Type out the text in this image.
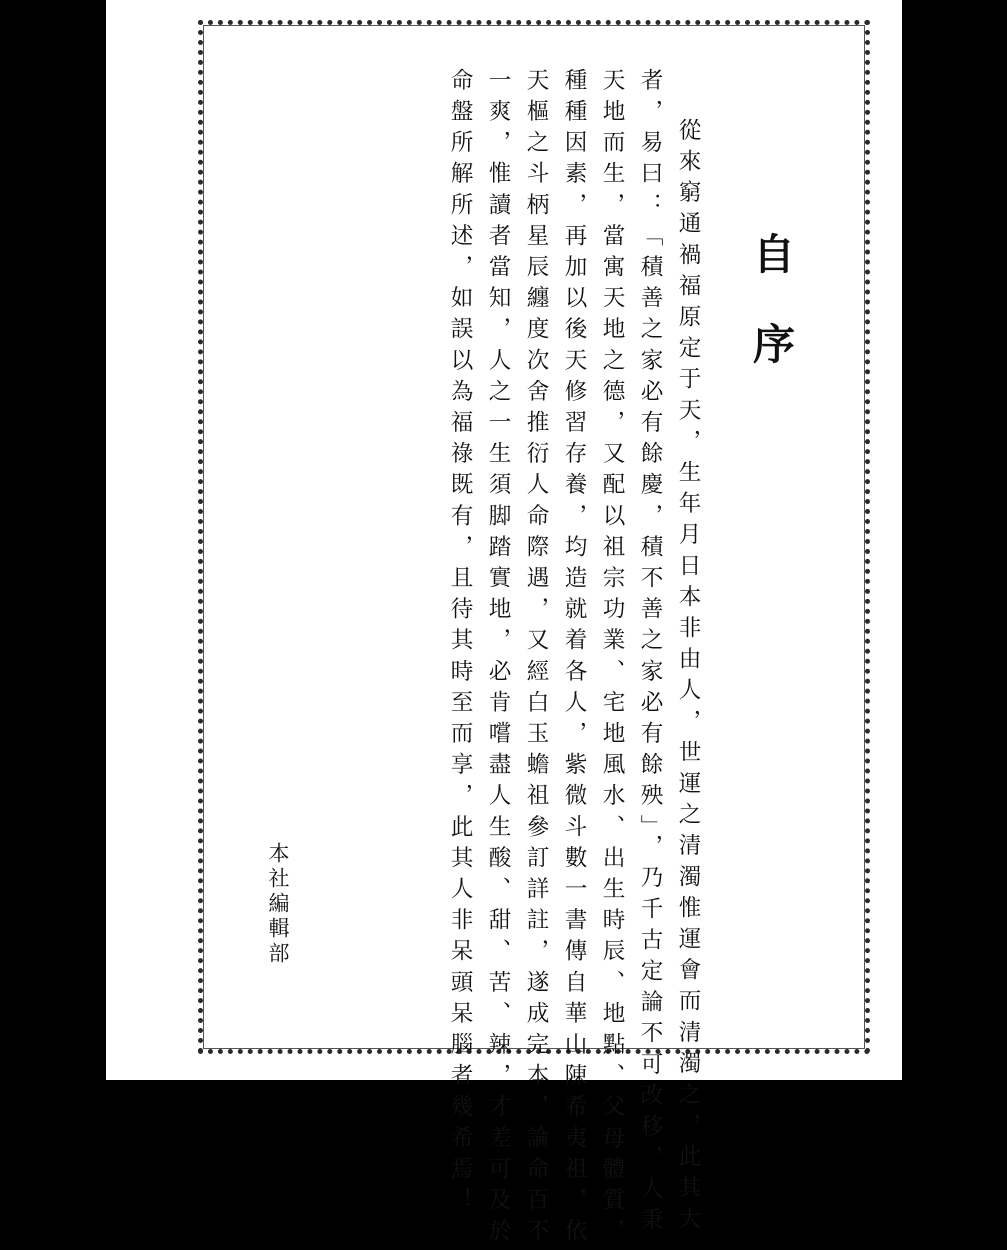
自序
從來窮通禍福原定于天，生年月日本非由人，世運之清濁惟運會而清濁之，此其大
者，易曰：「積善之家必有餘慶，積不善之家必有餘殃」，乃千古定論不可改移，人秉
天地而生，當寓天地之德，又配以祖宗功業、宅地風水、出生時辰、地點、父母體質，
種種因素，再加以後天修習存養，均造就着各人，紫微斗數一書傳自華山陳希夷祖，依
天樞之斗柄星辰纏度次舍推衍人命際遇，又經白玉蟾祖參訂詳註，遂成完本，論命百不
一爽，惟讀者當知，人之一生須脚踏實地，必肯嚐盡人生酸、甜、苦、辣，才差可及於
命盤所解所述，如誤以為福祿既有，且待其時至而享，此其人非呆頭呆腦者幾希焉！
本社編輯部
